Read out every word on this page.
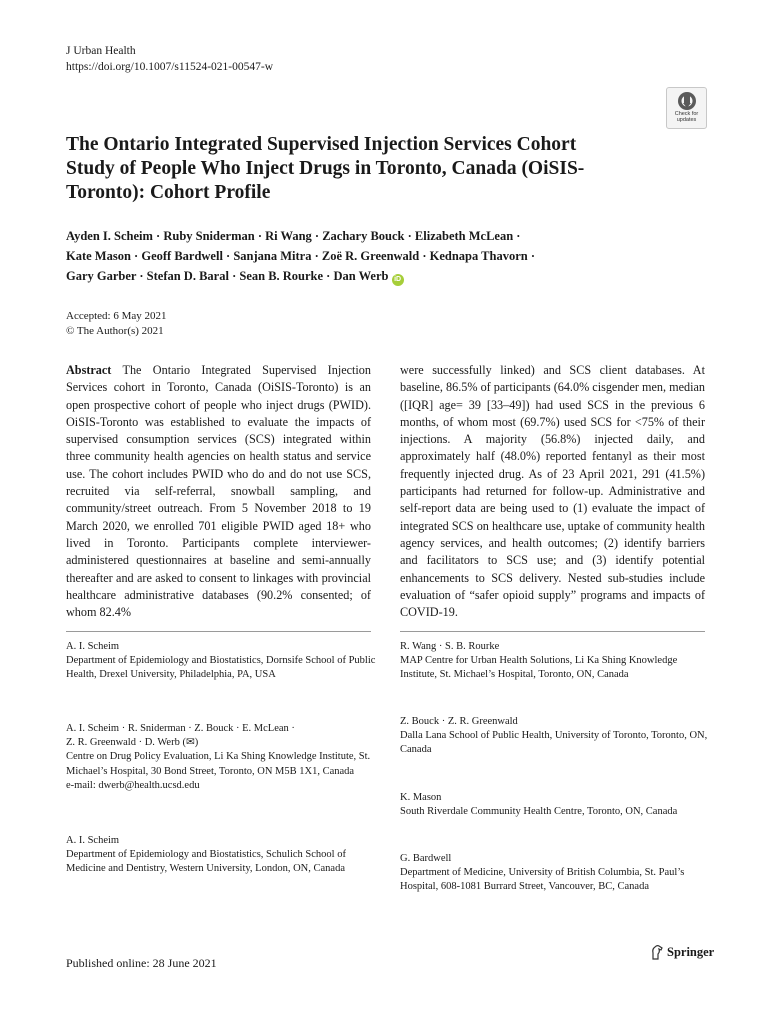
J Urban Health
https://doi.org/10.1007/s11524-021-00547-w
Check for
updates
The Ontario Integrated Supervised Injection Services Cohort Study of People Who Inject Drugs in Toronto, Canada (OiSIS-Toronto): Cohort Profile
Ayden I. Scheim · Ruby Sniderman · Ri Wang · Zachary Bouck · Elizabeth McLean ·
Kate Mason · Geoff Bardwell · Sanjana Mitra · Zoë R. Greenwald · Kednapa Thavorn ·
Gary Garber · Stefan D. Baral · Sean B. Rourke · Dan Werb iD
Accepted: 6 May 2021
© The Author(s) 2021
Abstract The Ontario Integrated Supervised Injection Services cohort in Toronto, Canada (OiSIS-Toronto) is an open prospective cohort of people who inject drugs (PWID). OiSIS-Toronto was established to evaluate the impacts of supervised consumption services (SCS) integrated within three community health agencies on health status and service use. The cohort includes PWID who do and do not use SCS, recruited via self-referral, snowball sampling, and community/street outreach. From 5 November 2018 to 19 March 2020, we enrolled 701 eligible PWID aged 18+ who lived in Toronto. Participants complete interviewer-administered questionnaires at baseline and semi-annually thereafter and are asked to consent to linkages with provincial healthcare administrative databases (90.2% consented; of whom 82.4%
were successfully linked) and SCS client databases. At baseline, 86.5% of participants (64.0% cisgender men, median ([IQR] age= 39 [33–49]) had used SCS in the previous 6 months, of whom most (69.7%) used SCS for <75% of their injections. A majority (56.8%) injected daily, and approximately half (48.0%) reported fentanyl as their most frequently injected drug. As of 23 April 2021, 291 (41.5%) participants had returned for follow-up. Administrative and self-report data are being used to (1) evaluate the impact of integrated SCS on healthcare use, uptake of community health agency services, and health outcomes; (2) identify barriers and facilitators to SCS use; and (3) identify potential enhancements to SCS delivery. Nested sub-studies include evaluation of “safer opioid supply” programs and impacts of COVID-19.
A. I. Scheim
Department of Epidemiology and Biostatistics, Dornsife School of Public Health, Drexel University, Philadelphia, PA, USA
A. I. Scheim · R. Sniderman · Z. Bouck · E. McLean ·
Z. R. Greenwald · D. Werb (✉)
Centre on Drug Policy Evaluation, Li Ka Shing Knowledge Institute, St. Michael’s Hospital, 30 Bond Street, Toronto, ON M5B 1X1, Canada
e-mail: dwerb@health.ucsd.edu
A. I. Scheim
Department of Epidemiology and Biostatistics, Schulich School of Medicine and Dentistry, Western University, London, ON, Canada
R. Wang · S. B. Rourke
MAP Centre for Urban Health Solutions, Li Ka Shing Knowledge Institute, St. Michael’s Hospital, Toronto, ON, Canada
Z. Bouck · Z. R. Greenwald
Dalla Lana School of Public Health, University of Toronto, Toronto, ON, Canada
K. Mason
South Riverdale Community Health Centre, Toronto, ON, Canada
G. Bardwell
Department of Medicine, University of British Columbia, St. Paul’s Hospital, 608-1081 Burrard Street, Vancouver, BC, Canada
Published online: 28 June 2021
Springer
